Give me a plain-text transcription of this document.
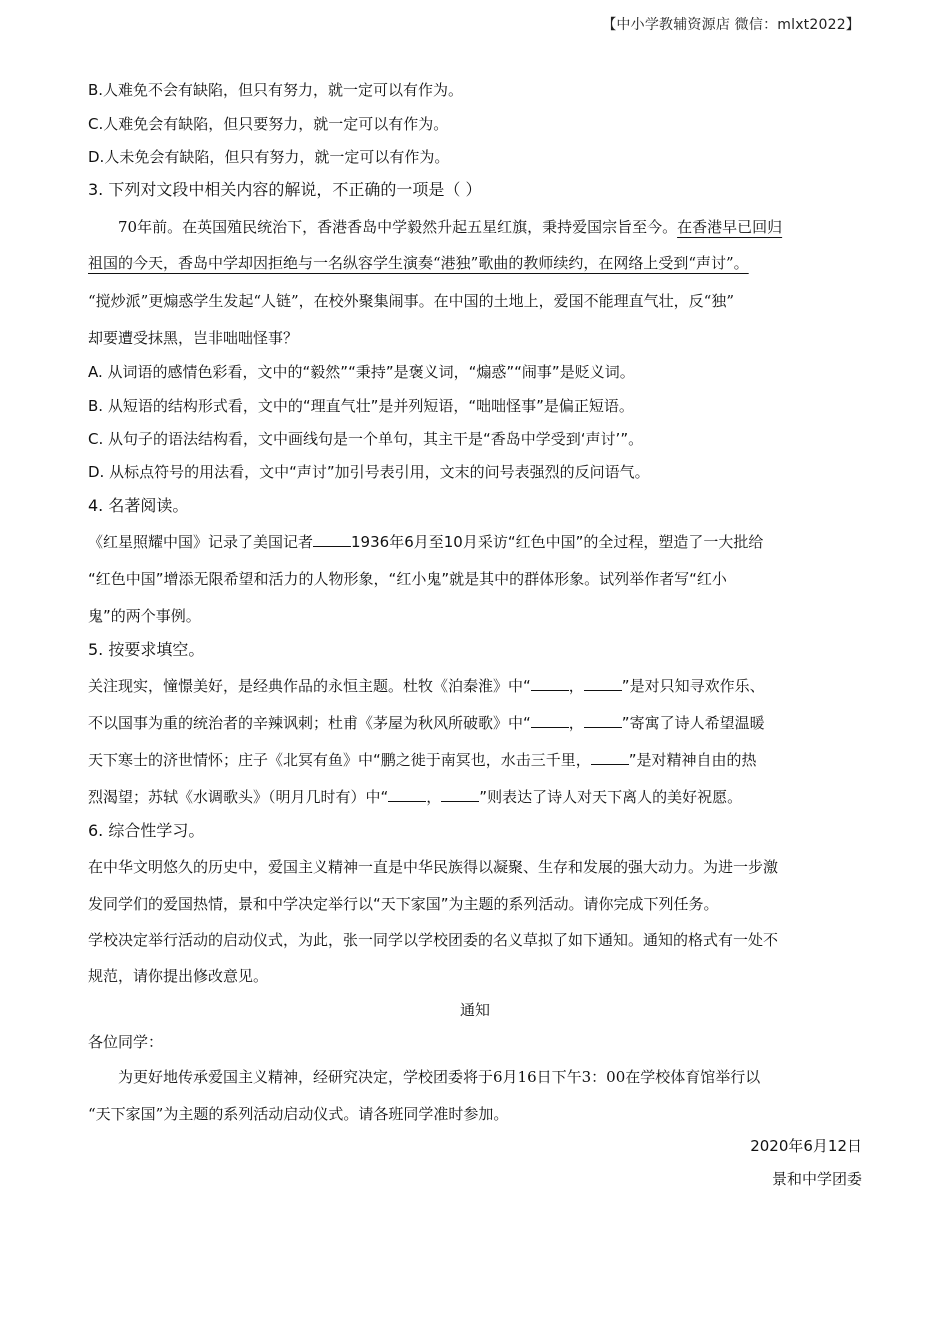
【中小学教辅资源店 微信：mlxt2022】
B.人难免不会有缺陷，但只有努力，就一定可以有作为。
C.人难免会有缺陷，但只要努力，就一定可以有作为。
D.人未免会有缺陷，但只有努力，就一定可以有作为。
3. 下列对文段中相关内容的解说，不正确的一项是（ ）
70年前。在英国殖民统治下，香港香岛中学毅然升起五星红旗，秉持爱国宗旨至今。在香港早已回归
祖国的今天，香岛中学却因拒绝与一名纵容学生演奏“港独”歌曲的教师续约，在网络上受到“声讨”。
“搅炒派”更煽惑学生发起“人链”，在校外聚集闹事。在中国的土地上，爱国不能理直气壮，反“独”
却要遭受抹黑，岂非咄咄怪事？
A. 从词语的感情色彩看，文中的“毅然”“秉持”是褒义词，“煽惑”“闹事”是贬义词。
B. 从短语的结构形式看，文中的“理直气壮”是并列短语，“咄咄怪事”是偏正短语。
C. 从句子的语法结构看，文中画线句是一个单句，其主干是“香岛中学受到‘声讨’”。
D. 从标点符号的用法看，文中“声讨”加引号表引用，文末的问号表强烈的反问语气。
4. 名著阅读。
《红星照耀中国》记录了美国记者	1936年6月至10月采访“红色中国”的全过程，塑造了一大批给
“红色中国”增添无限希望和活力的人物形象，“红小鬼”就是其中的群体形象。试列举作者写“红小
鬼”的两个事例。
5. 按要求填空。
关注现实，憧憬美好，是经典作品的永恒主题。杜牧《泊秦淮》中“	，	”是对只知寻欢作乐、
不以国事为重的统治者的辛辣讽刺；杜甫《茅屋为秋风所破歌》中“	，	”寄寓了诗人希望温暖
天下寒士的济世情怀；庄子《北冥有鱼》中“鹏之徙于南冥也，水击三千里，	”是对精神自由的热
烈渴望；苏轼《水调歌头》（明月几时有）中“	，	”则表达了诗人对天下离人的美好祝愿。
6. 综合性学习。
在中华文明悠久的历史中，爱国主义精神一直是中华民族得以凝聚、生存和发展的强大动力。为进一步激
发同学们的爱国热情，景和中学决定举行以“天下家国”为主题的系列活动。请你完成下列任务。
学校决定举行活动的启动仪式，为此，张一同学以学校团委的名义草拟了如下通知。通知的格式有一处不
规范，请你提出修改意见。
通知
各位同学：
为更好地传承爱国主义精神，经研究决定，学校团委将于6月16日下午3：00在学校体育馆举行以
“天下家国”为主题的系列活动启动仪式。请各班同学准时参加。
2020年6月12日
景和中学团委
